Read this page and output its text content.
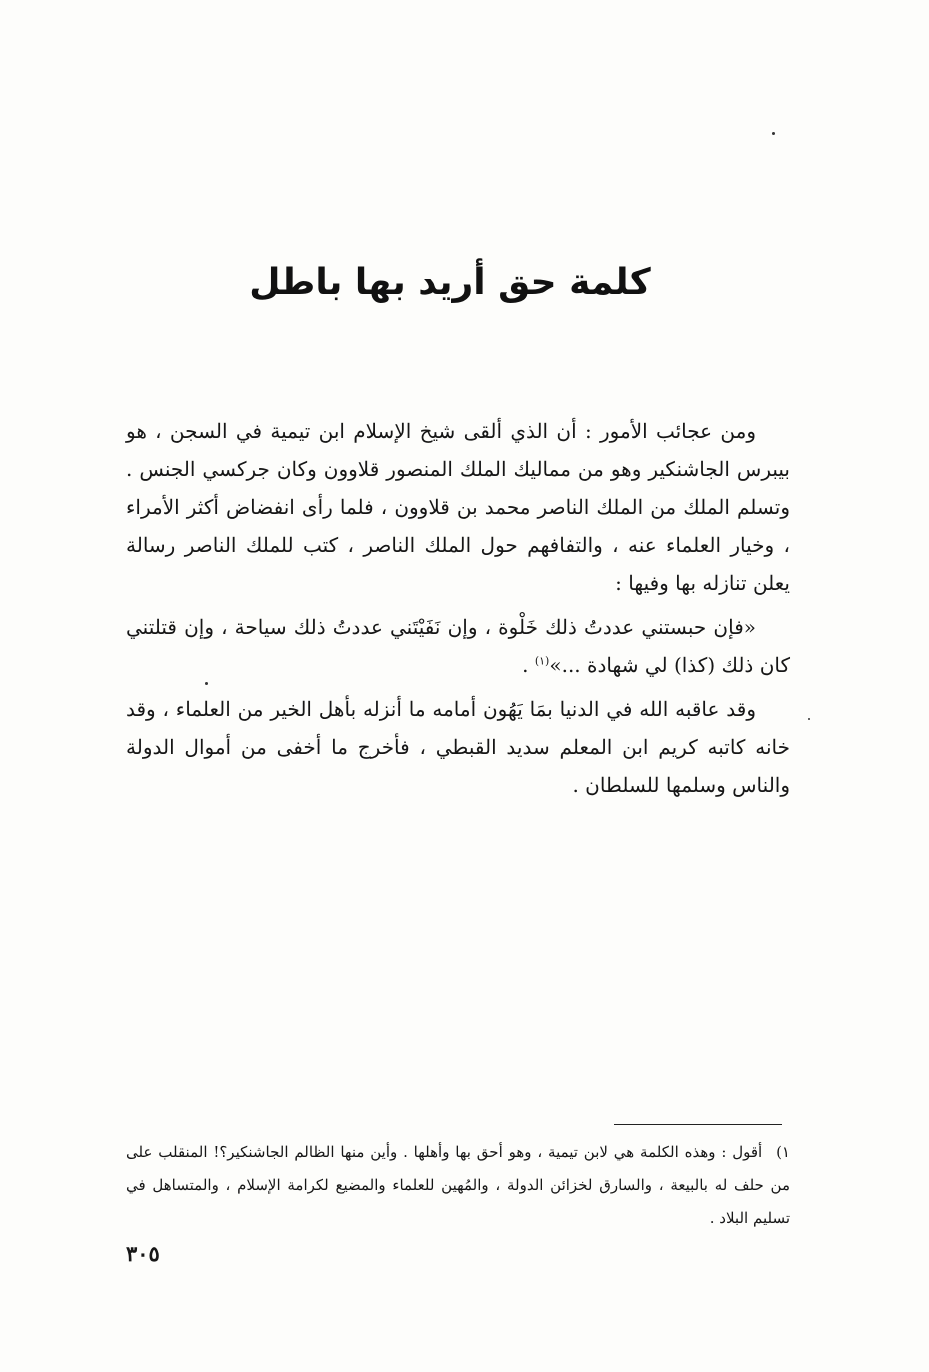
كلمة حق أريد بها باطل

ومن عجائب الأمور : أن الذي ألقى شيخ الإسلام ابن تيمية في السجن ، هو بيبرس الجاشنكير وهو من مماليك الملك المنصور قلاوون وكان جركسي الجنس . وتسلم الملك من الملك الناصر محمد بن قلاوون ، فلما رأى انفضاض أكثر الأمراء ، وخيار العلماء عنه ، والتفافهم حول الملك الناصر ، كتب للملك الناصر رسالة يعلن تنازله بها وفيها :

«فإن حبستني عددتُ ذلك خَلْوة ، وإن نَفَيْتَني عددتُ ذلك سياحة ، وإن قتلتني كان ذلك (كذا) لي شهادة ...»$^{(١)}$ .

وقد عاقبه الله في الدنيا بمَا يَهُون أمامه ما أنزله بأهل الخير من العلماء ، وقد خانه كاتبه كريم ابن المعلم سديد القبطي ، فأخرج ما أخفى من أموال الدولة والناس وسلمها للسلطان .

١) أقول : وهذه الكلمة هي لابن تيمية ، وهو أحق بها وأهلها . وأين منها الظالم الجاشنكير؟! المنقلب على من حلف له بالبيعة ، والسارق لخزائن الدولة ، والمُهين للعلماء والمضيع لكرامة الإسلام ، والمتساهل في تسليم البلاد .
٣٠٥
